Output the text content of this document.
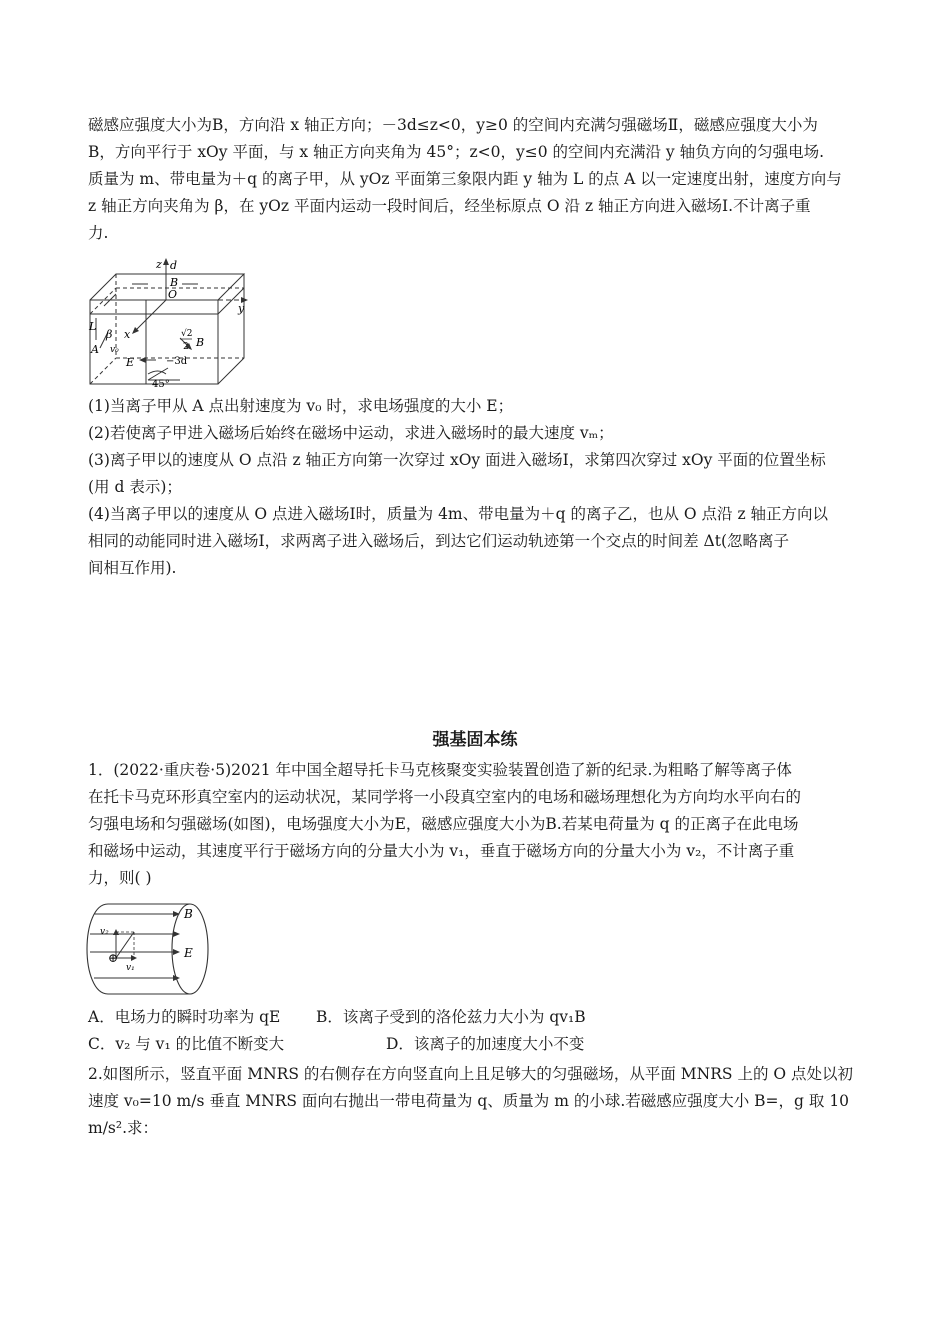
磁感应强度大小为B，方向沿 x 轴正方向；－3d≤z<0，y≥0 的空间内充满匀强磁场Ⅱ，磁感应强度大小为
B，方向平行于 xOy 平面，与 x 轴正方向夹角为 45°；z<0，y≤0 的空间内充满沿 y 轴负方向的匀强电场.
质量为 m、带电量为＋q 的离子甲，从 yOz 平面第三象限内距 y 轴为 L 的点 A 以一定速度出射，速度方向与
z 轴正方向夹角为 β，在 yOz 平面内运动一段时间后，经坐标原点 O 沿 z 轴正方向进入磁场Ⅰ.不计离子重
力.
z d
B
O
y
x
L
β
A v₀
E
√2
2 B
−3d
45°
(1)当离子甲从 A 点出射速度为 v₀ 时，求电场强度的大小 E；
(2)若使离子甲进入磁场后始终在磁场中运动，求进入磁场时的最大速度 vₘ；
(3)离子甲以的速度从 O 点沿 z 轴正方向第一次穿过 xOy 面进入磁场Ⅰ，求第四次穿过 xOy 平面的位置坐标
(用 d 表示)；
(4)当离子甲以的速度从 O 点进入磁场Ⅰ时，质量为 4m、带电量为＋q 的离子乙，也从 O 点沿 z 轴正方向以
相同的动能同时进入磁场Ⅰ，求两离子进入磁场后，到达它们运动轨迹第一个交点的时间差 Δt(忽略离子
间相互作用).
强基固本练
1．(2022·重庆卷·5)2021 年中国全超导托卡马克核聚变实验装置创造了新的纪录.为粗略了解等离子体
在托卡马克环形真空室内的运动状况，某同学将一小段真空室内的电场和磁场理想化为方向均水平向右的
匀强电场和匀强磁场(如图)，电场强度大小为E，磁感应强度大小为B.若某电荷量为 q 的正离子在此电场
和磁场中运动，其速度平行于磁场方向的分量大小为 v₁，垂直于磁场方向的分量大小为 v₂，不计离子重
力，则( )
B
E
v₂
v₁
⊕
A．电场力的瞬时功率为 qE B．该离子受到的洛伦兹力大小为 qv₁B
C．v₂ 与 v₁ 的比值不断变大	D．该离子的加速度大小不变
2.如图所示，竖直平面 MNRS 的右侧存在方向竖直向上且足够大的匀强磁场，从平面 MNRS 上的 O 点处以初
速度 v₀=10 m/s 垂直 MNRS 面向右抛出一带电荷量为 q、质量为 m 的小球.若磁感应强度大小 B=，g 取 10
m/s².求：
